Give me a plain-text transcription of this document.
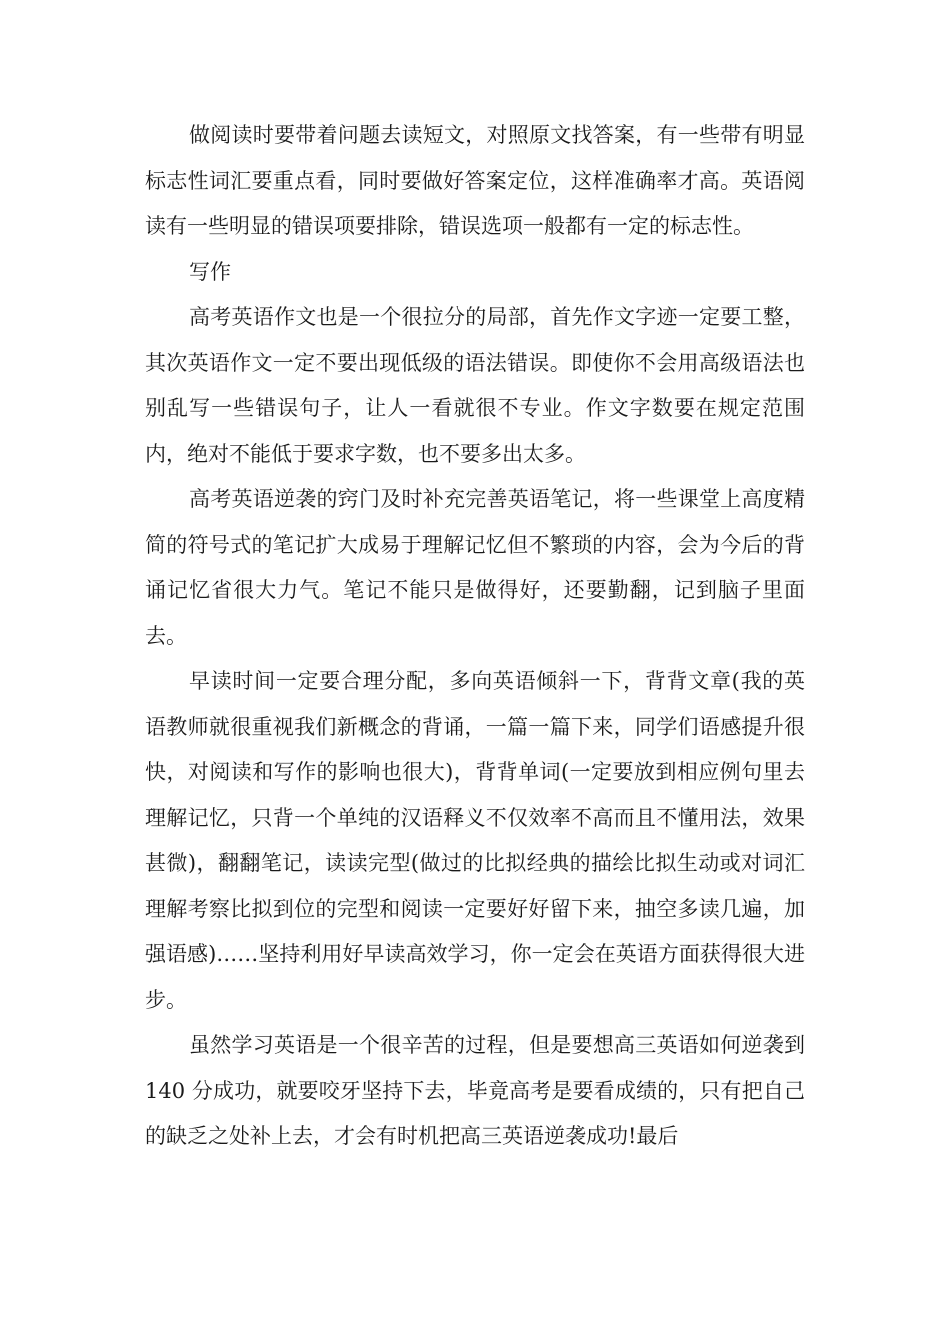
做阅读时要带着问题去读短文，对照原文找答案，有一些带有明显标志性词汇要重点看，同时要做好答案定位，这样准确率才高。英语阅读有一些明显的错误项要排除，错误选项一般都有一定的标志性。

写作

高考英语作文也是一个很拉分的局部，首先作文字迹一定要工整，其次英语作文一定不要出现低级的语法错误。即使你不会用高级语法也别乱写一些错误句子，让人一看就很不专业。作文字数要在规定范围内，绝对不能低于要求字数，也不要多出太多。

高考英语逆袭的窍门及时补充完善英语笔记，将一些课堂上高度精简的符号式的笔记扩大成易于理解记忆但不繁琐的内容，会为今后的背诵记忆省很大力气。笔记不能只是做得好，还要勤翻，记到脑子里面去。

早读时间一定要合理分配，多向英语倾斜一下，背背文章(我的英语教师就很重视我们新概念的背诵，一篇一篇下来，同学们语感提升很快，对阅读和写作的影响也很大)，背背单词(一定要放到相应例句里去理解记忆，只背一个单纯的汉语释义不仅效率不高而且不懂用法，效果甚微)，翻翻笔记，读读完型(做过的比拟经典的描绘比拟生动或对词汇理解考察比拟到位的完型和阅读一定要好好留下来，抽空多读几遍，加强语感)……坚持利用好早读高效学习，你一定会在英语方面获得很大进步。

虽然学习英语是一个很辛苦的过程，但是要想高三英语如何逆袭到 140 分成功，就要咬牙坚持下去，毕竟高考是要看成绩的，只有把自己的缺乏之处补上去，才会有时机把高三英语逆袭成功!最后
